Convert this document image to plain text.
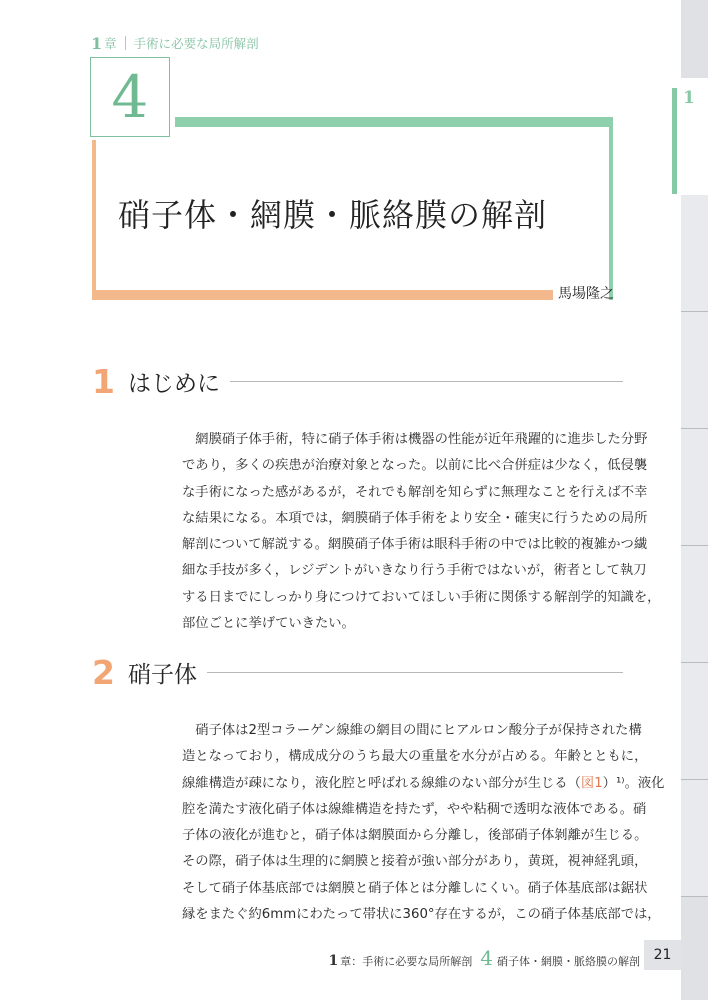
1 章 手術に必要な局所解剖
4
硝子体・網膜・脈絡膜の解剖
馬場隆之
1 はじめに
　網膜硝子体手術，特に硝子体手術は機器の性能が近年飛躍的に進歩した分野
であり，多くの疾患が治療対象となった。以前に比べ合併症は少なく，低侵襲
な手術になった感があるが，それでも解剖を知らずに無理なことを行えば不幸
な結果になる。本項では，網膜硝子体手術をより安全・確実に行うための局所
解剖について解説する。網膜硝子体手術は眼科手術の中では比較的複雑かつ繊
細な手技が多く，レジデントがいきなり行う手術ではないが，術者として執刀
する日までにしっかり身につけておいてほしい手術に関係する解剖学的知識を，
部位ごとに挙げていきたい。
2 硝子体
　硝子体は2型コラーゲン線維の網目の間にヒアルロン酸分子が保持された構
造となっており，構成成分のうち最大の重量を水分が占める。年齢とともに，
線維構造が疎になり，液化腔と呼ばれる線維のない部分が生じる（図1）¹⁾。液化
腔を満たす液化硝子体は線維構造を持たず，やや粘稠で透明な液体である。硝
子体の液化が進むと，硝子体は網膜面から分離し，後部硝子体剝離が生じる。
その際，硝子体は生理的に網膜と接着が強い部分があり，黄斑，視神経乳頭，
そして硝子体基底部では網膜と硝子体とは分離しにくい。硝子体基底部は鋸状
縁をまたぐ約6mmにわたって帯状に360°存在するが，この硝子体基底部では，
1 章：手術に必要な局所解剖 4 硝子体・網膜・脈絡膜の解剖 21
1
